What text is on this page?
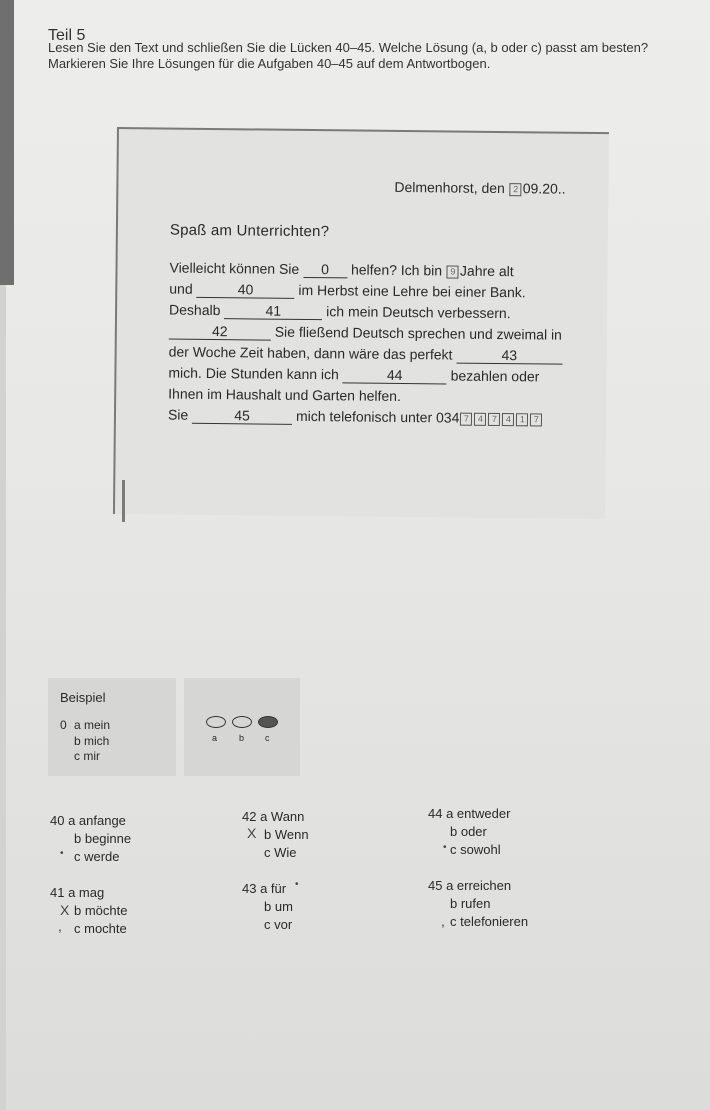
Teil 5
Lesen Sie den Text und schließen Sie die Lücken 40–45. Welche Lösung (a, b oder c) passt am besten?
Markieren Sie Ihre Lösungen für die Aufgaben 40–45 auf dem Antwortbogen.
Delmenhorst, den 2 09.20..
Spaß am Unterrichten?
Vielleicht können Sie 0 helfen? Ich bin 9 Jahre alt
und	40	im Herbst eine Lehre bei einer Bank.
Deshalb	41	ich mein Deutsch verbessern.
42	Sie fließend Deutsch sprechen und zweimal in
der Woche Zeit haben, dann wäre das perfekt	43
mich. Die Stunden kann ich	44	bezahlen oder
Ihnen im Haushalt und Garten helfen.
Sie	45	mich telefonisch unter 034 7 4 7 4 1 7
Beispiel
0 a mein
b mich
c mir
a b c
40 a anfange
b beginne
c werde
•
41 a mag
b möchte
c mochte
X
,
42 a Wann
b Wenn
c Wie
X
43 a für
b um
c vor
•
44 a entweder
b oder
c sowohl
•
45 a erreichen
b rufen
c telefonieren
,
